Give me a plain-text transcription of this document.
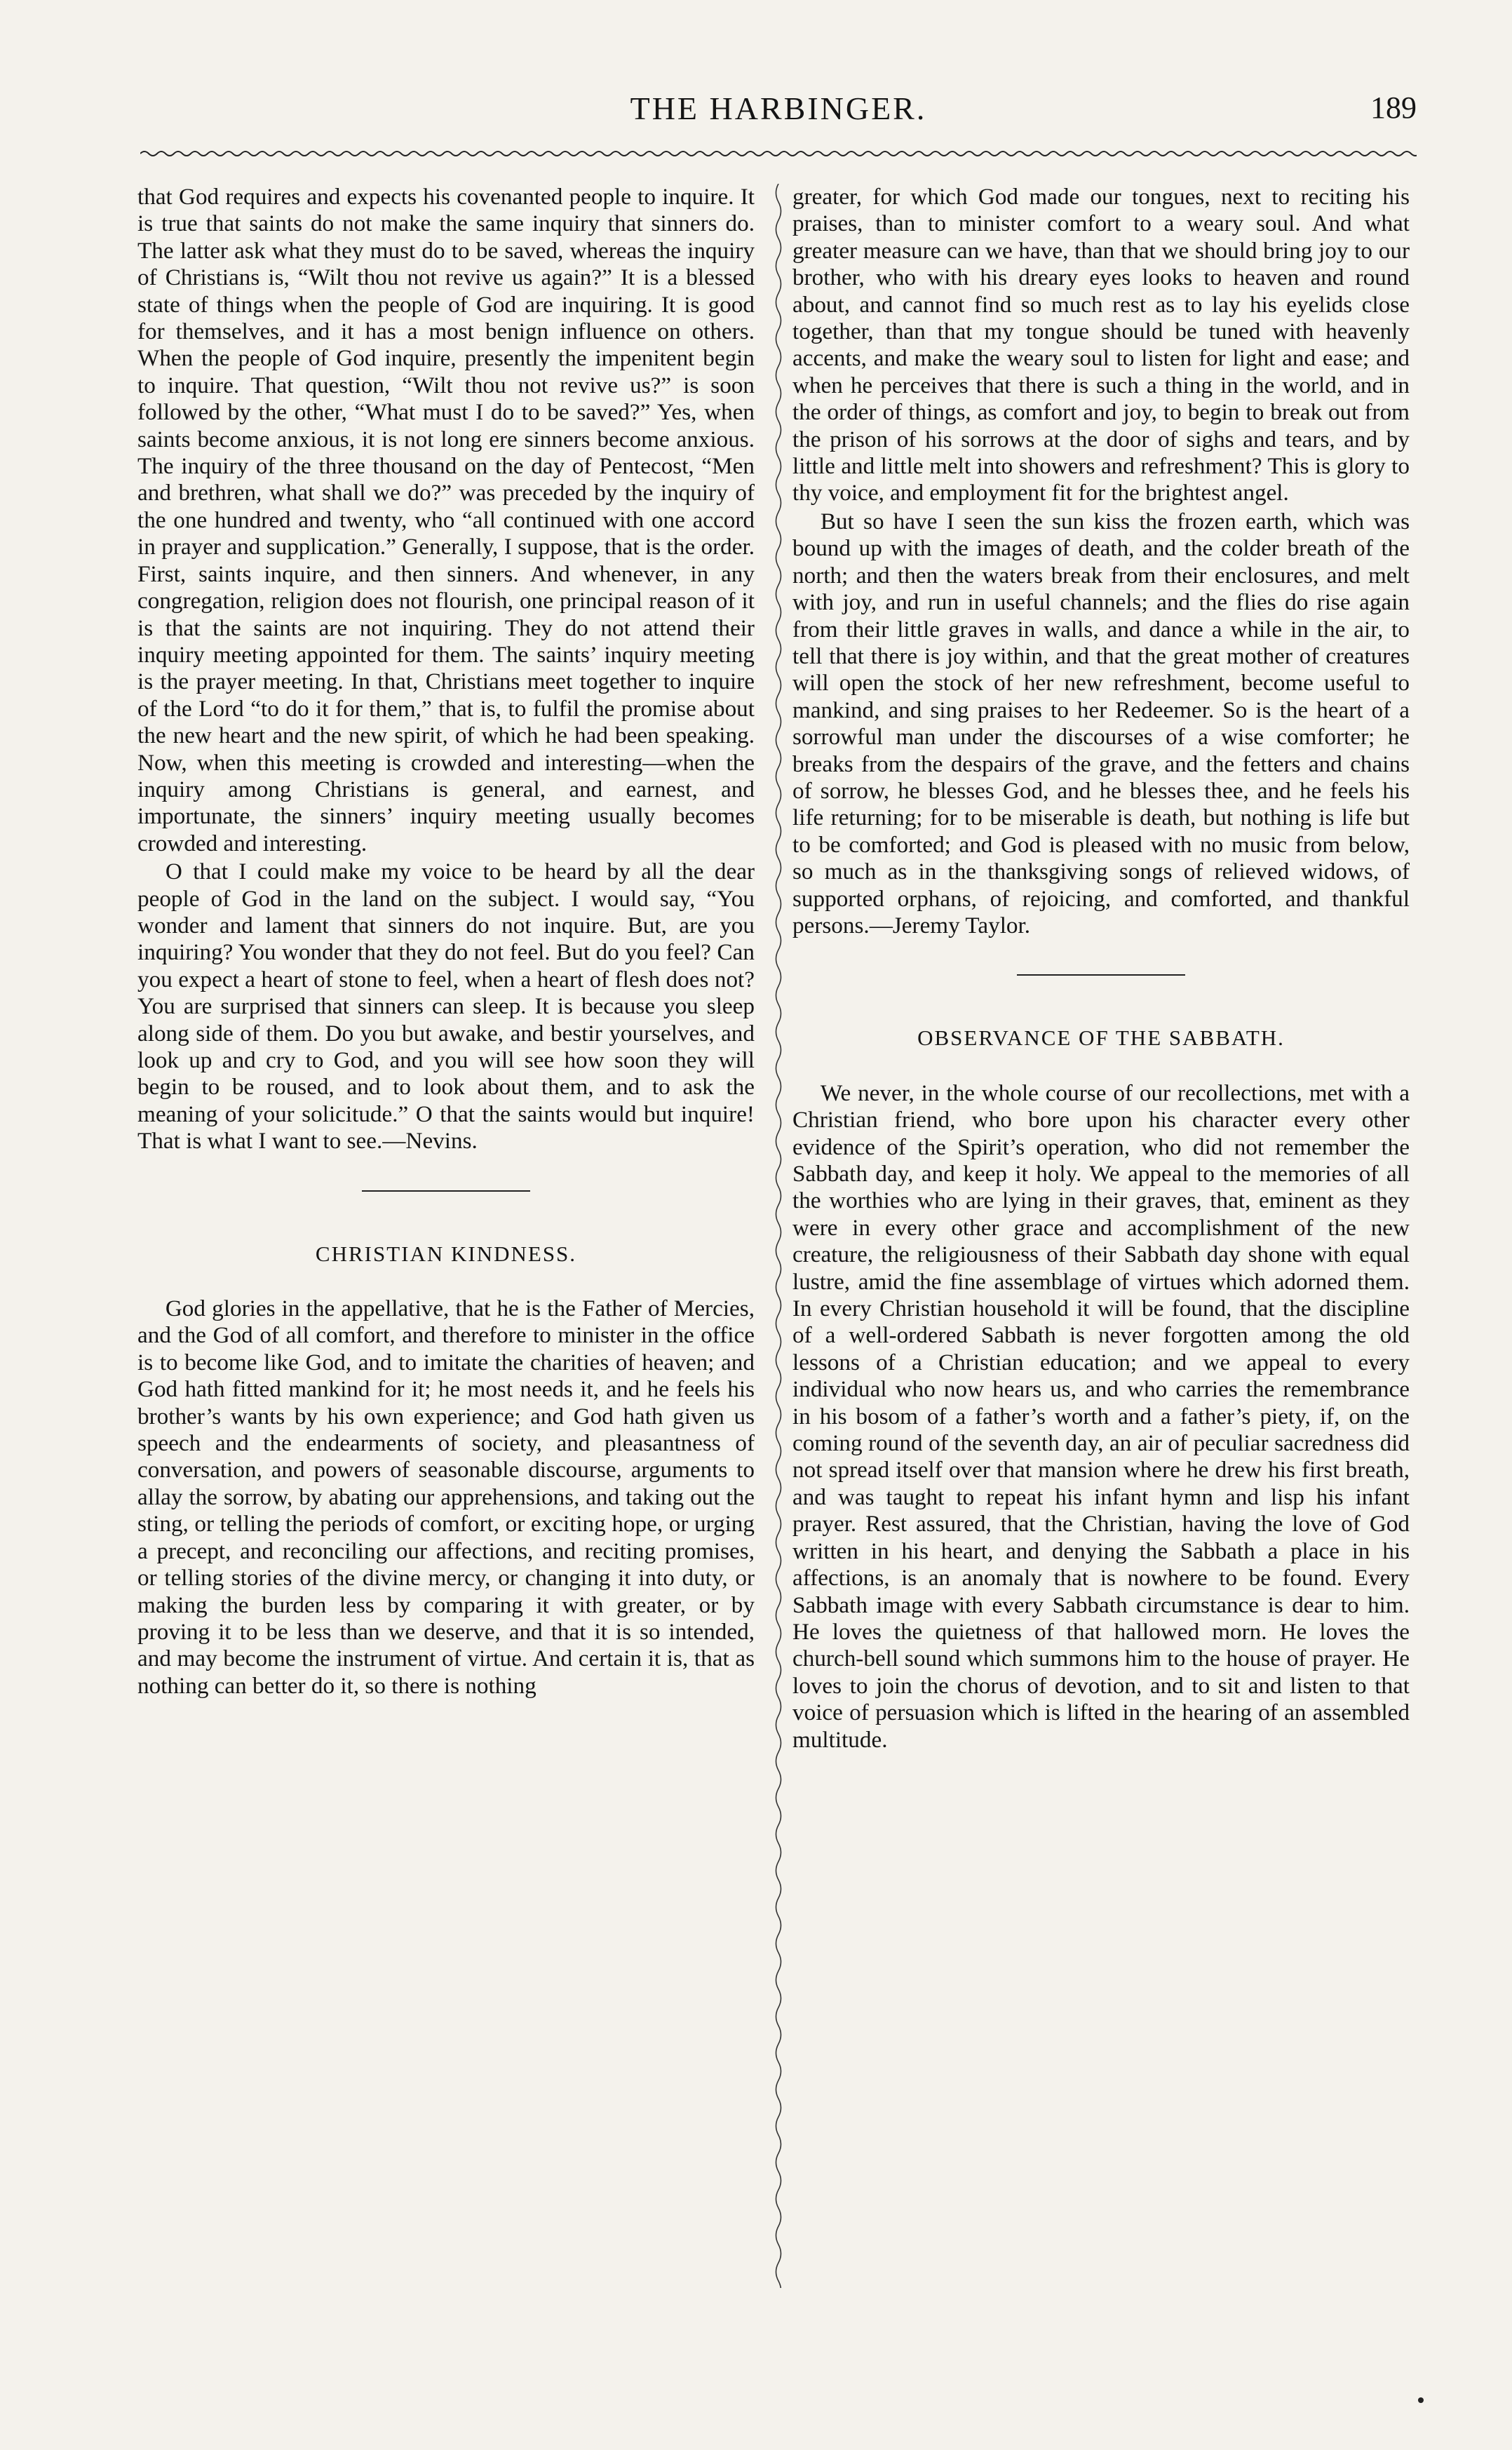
THE HARBINGER.	189

that God requires and expects his covenanted people to inquire. It is true that saints do not make the same inquiry that sinners do. The latter ask what they must do to be saved, whereas the inquiry of Christians is, “Wilt thou not revive us again?” It is a blessed state of things when the people of God are inquiring. It is good for themselves, and it has a most benign influence on others. When the people of God inquire, presently the impenitent begin to inquire. That question, “Wilt thou not revive us?” is soon followed by the other, “What must I do to be saved?” Yes, when saints become anxious, it is not long ere sinners become anxious. The inquiry of the three thousand on the day of Pentecost, “Men and brethren, what shall we do?” was preceded by the inquiry of the one hundred and twenty, who “all continued with one accord in prayer and supplication.” Generally, I suppose, that is the order. First, saints inquire, and then sinners. And whenever, in any congregation, religion does not flourish, one principal reason of it is that the saints are not inquiring. They do not attend their inquiry meeting appointed for them. The saints’ inquiry meeting is the prayer meeting. In that, Christians meet together to inquire of the Lord “to do it for them,” that is, to fulfil the promise about the new heart and the new spirit, of which he had been speaking. Now, when this meeting is crowded and interesting—when the inquiry among Christians is general, and earnest, and importunate, the sinners’ inquiry meeting usually becomes crowded and interesting.

O that I could make my voice to be heard by all the dear people of God in the land on the subject. I would say, “You wonder and lament that sinners do not inquire. But, are you inquiring? You wonder that they do not feel. But do you feel? Can you expect a heart of stone to feel, when a heart of flesh does not? You are surprised that sinners can sleep. It is because you sleep along side of them. Do you but awake, and bestir yourselves, and look up and cry to God, and you will see how soon they will begin to be roused, and to look about them, and to ask the meaning of your solicitude.” O that the saints would but inquire! That is what I want to see.—Nevins.

CHRISTIAN KINDNESS.

God glories in the appellative, that he is the Father of Mercies, and the God of all comfort, and therefore to minister in the office is to become like God, and to imitate the charities of heaven; and God hath fitted mankind for it; he most needs it, and he feels his brother’s wants by his own experience; and God hath given us speech and the endearments of society, and pleasantness of conversation, and powers of seasonable discourse, arguments to allay the sorrow, by abating our apprehensions, and taking out the sting, or telling the periods of comfort, or exciting hope, or urging a precept, and reconciling our affections, and reciting promises, or telling stories of the divine mercy, or changing it into duty, or making the burden less by comparing it with greater, or by proving it to be less than we deserve, and that it is so intended, and may become the instrument of virtue. And certain it is, that as nothing can better do it, so there is nothing

greater, for which God made our tongues, next to reciting his praises, than to minister comfort to a weary soul. And what greater measure can we have, than that we should bring joy to our brother, who with his dreary eyes looks to heaven and round about, and cannot find so much rest as to lay his eyelids close together, than that my tongue should be tuned with heavenly accents, and make the weary soul to listen for light and ease; and when he perceives that there is such a thing in the world, and in the order of things, as comfort and joy, to begin to break out from the prison of his sorrows at the door of sighs and tears, and by little and little melt into showers and refreshment? This is glory to thy voice, and employment fit for the brightest angel.

But so have I seen the sun kiss the frozen earth, which was bound up with the images of death, and the colder breath of the north; and then the waters break from their enclosures, and melt with joy, and run in useful channels; and the flies do rise again from their little graves in walls, and dance a while in the air, to tell that there is joy within, and that the great mother of creatures will open the stock of her new refreshment, become useful to mankind, and sing praises to her Redeemer. So is the heart of a sorrowful man under the discourses of a wise comforter; he breaks from the despairs of the grave, and the fetters and chains of sorrow, he blesses God, and he blesses thee, and he feels his life returning; for to be miserable is death, but nothing is life but to be comforted; and God is pleased with no music from below, so much as in the thanksgiving songs of relieved widows, of supported orphans, of rejoicing, and comforted, and thankful persons.—Jeremy Taylor.

OBSERVANCE OF THE SABBATH.

We never, in the whole course of our recollections, met with a Christian friend, who bore upon his character every other evidence of the Spirit’s operation, who did not remember the Sabbath day, and keep it holy. We appeal to the memories of all the worthies who are lying in their graves, that, eminent as they were in every other grace and accomplishment of the new creature, the religiousness of their Sabbath day shone with equal lustre, amid the fine assemblage of virtues which adorned them. In every Christian household it will be found, that the discipline of a well-ordered Sabbath is never forgotten among the old lessons of a Christian education; and we appeal to every individual who now hears us, and who carries the remembrance in his bosom of a father’s worth and a father’s piety, if, on the coming round of the seventh day, an air of peculiar sacredness did not spread itself over that mansion where he drew his first breath, and was taught to repeat his infant hymn and lisp his infant prayer. Rest assured, that the Christian, having the love of God written in his heart, and denying the Sabbath a place in his affections, is an anomaly that is nowhere to be found. Every Sabbath image with every Sabbath circumstance is dear to him. He loves the quietness of that hallowed morn. He loves the church-bell sound which summons him to the house of prayer. He loves to join the chorus of devotion, and to sit and listen to that voice of persuasion which is lifted in the hearing of an assembled multitude.
